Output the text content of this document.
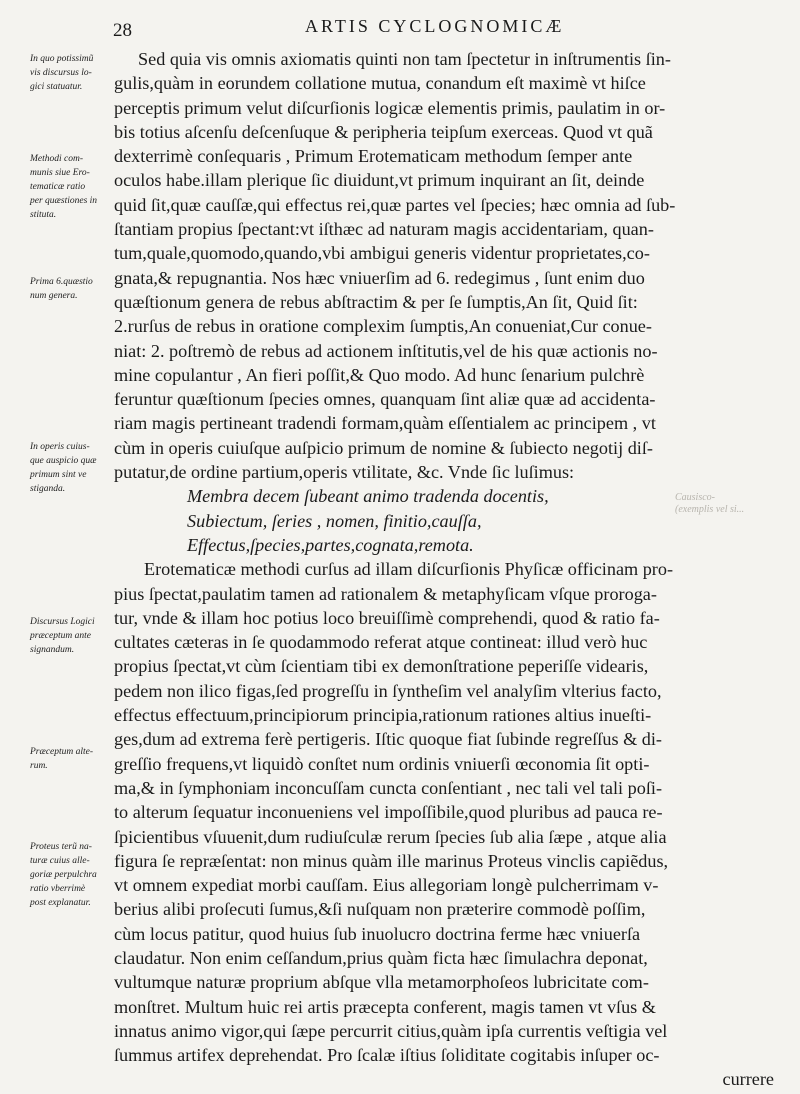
28	ARTIS CYCLOGNOMICÆ
In quo potissimũ
vis discursus lo-
gici statuatur.
Methodi com-
munis siue Ero-
tematicæ ratio
per quæstiones in
stituta.
Prima 6.quæstio
num genera.
In operis cuius-
que auspicio quæ
primum sint ve
stiganda.
Discursus Logici
præceptum ante
signandum.
Præceptum alte-
rum.
Proteus terũ na-
turæ cuius alle-
goriæ perpulchra
ratio vberrimè
post explanatur.
Causisco-
(exemplis vel si...
Sed quia vis omnis axiomatis quinti non tam ſpectetur in inſtrumentis ſin-
gulis,quàm in eorundem collatione mutua, conandum eſt maximè vt hiſce
perceptis primum velut diſcurſionis logicæ elementis primis, paulatim in or-
bis totius aſcenſu deſcenſuque & peripheria teipſum exerceas. Quod vt quã
dexterrimè conſequaris , Primum Erotematicam methodum ſemper ante
oculos habe.illam plerique ſic diuidunt,vt primum inquirant an ſit, deinde
quid ſit,quæ cauſſæ,qui effectus rei,quæ partes vel ſpecies; hæc omnia ad ſub-
ſtantiam propius ſpectant:vt iſthæc ad naturam magis accidentariam, quan-
tum,quale,quomodo,quando,vbi ambigui generis videntur proprietates,co-
gnata,& repugnantia. Nos hæc vniuerſim ad 6. redegimus , ſunt enim duo
quæſtionum genera de rebus abſtractim & per ſe ſumptis,An ſit, Quid ſit:
2.rurſus de rebus in oratione complexim ſumptis,An conueniat,Cur conue-
niat: 2. poſtremò de rebus ad actionem inſtitutis,vel de his quæ actionis no-
mine copulantur , An fieri poſſit,& Quo modo. Ad hunc ſenarium pulchrè
feruntur quæſtionum ſpecies omnes, quanquam ſint aliæ quæ ad accidenta-
riam magis pertineant tradendi formam,quàm eſſentialem ac principem , vt
cùm in operis cuiuſque auſpicio primum de nomine & ſubiecto negotij diſ-
putatur,de ordine partium,operis vtilitate, &c. Vnde ſic luſimus:
Membra decem ſubeant animo tradenda docentis,
Subiectum, ſeries , nomen, finitio,cauſſa,
Effectus,ſpecies,partes,cognata,remota.
Erotematicæ methodi curſus ad illam diſcurſionis Phyſicæ officinam pro-
pius ſpectat,paulatim tamen ad rationalem & metaphyſicam vſque proroga-
tur, vnde & illam hoc potius loco breuiſſimè comprehendi, quod & ratio fa-
cultates cæteras in ſe quodammodo referat atque contineat: illud verò huc
propius ſpectat,vt cùm ſcientiam tibi ex demonſtratione peperiſſe videaris,
pedem non ilico figas,ſed progreſſu in ſyntheſim vel analyſim vlterius facto,
effectus effectuum,principiorum principia,rationum rationes altius inueſti-
ges,dum ad extrema ferè pertigeris. Iſtic quoque fiat ſubinde regreſſus & di-
greſſio frequens,vt liquidò conſtet num ordinis vniuerſi œconomia ſit opti-
ma,& in ſymphoniam inconcuſſam cuncta conſentiant , nec tali vel tali poſi-
to alterum ſequatur inconueniens vel impoſſibile,quod pluribus ad pauca re-
ſpicientibus vſuuenit,dum rudiuſculæ rerum ſpecies ſub alia ſæpe , atque alia
figura ſe repræſentat: non minus quàm ille marinus Proteus vinclis capiẽdus,
vt omnem expediat morbi cauſſam. Eius allegoriam longè pulcherrimam v-
berius alibi proſecuti ſumus,&ſi nuſquam non præterire commodè poſſim,
cùm locus patitur, quod huius ſub inuolucro doctrina ferme hæc vniuerſa
claudatur. Non enim ceſſandum,prius quàm ficta hæc ſimulachra deponat,
vultumque naturæ proprium abſque vlla metamorphoſeos lubricitate com-
monſtret. Multum huic rei artis præcepta conferent, magis tamen vt vſus &
innatus animo vigor,qui ſæpe percurrit citius,quàm ipſa currentis veſtigia vel
ſummus artifex deprehendat. Pro ſcalæ iſtius ſoliditate cogitabis inſuper oc-
currere
